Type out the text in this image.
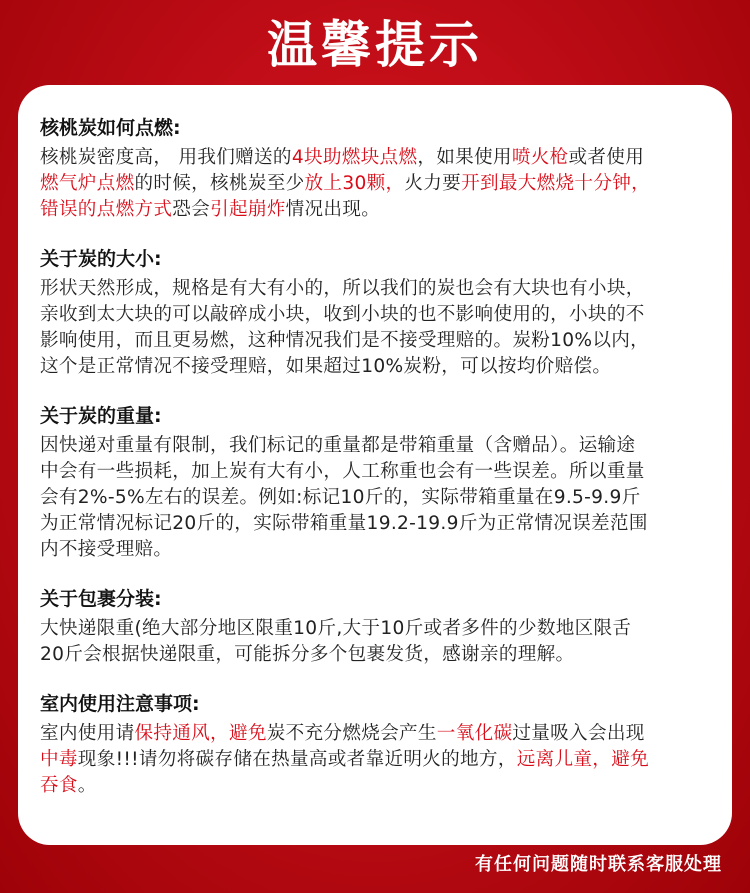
温馨提示
核桃炭如何点燃:
核桃炭密度高， 用我们赠送的4块助燃块点燃，如果使用喷火枪或者使用
燃气炉点燃的时候，核桃炭至少放上30颗，火力要开到最大燃烧十分钟，
错误的点燃方式恐会引起崩炸情况出现。
关于炭的大小:
形状天然形成，规格是有大有小的，所以我们的炭也会有大块也有小块，
亲收到太大块的可以敲碎成小块，收到小块的也不影响使用的，小块的不
影响使用，而且更易燃，这种情况我们是不接受理赔的。炭粉10%以内，
这个是正常情况不接受理赔，如果超过10%炭粉，可以按均价赔偿。
关于炭的重量:
因快递对重量有限制，我们标记的重量都是带箱重量（含赠品）。运输途
中会有一些损耗，加上炭有大有小，人工称重也会有一些误差。所以重量
会有2%-5%左右的误差。例如:标记10斤的，实际带箱重量在9.5-9.9斤
为正常情况标记20斤的，实际带箱重量19.2-19.9斤为正常情况误差范围
内不接受理赔。
关于包裹分装:
大快递限重(绝大部分地区限重10斤,大于10斤或者多件的少数地区限舌
20斤会根据快递限重，可能拆分多个包裹发货，感谢亲的理解。
室内使用注意事项:
室内使用请保持通风，避免炭不充分燃烧会产生一氧化碳过量吸入会出现
中毒现象!!!请勿将碳存储在热量高或者靠近明火的地方，远离儿童，避免
吞食。
有任何问题随时联系客服处理
